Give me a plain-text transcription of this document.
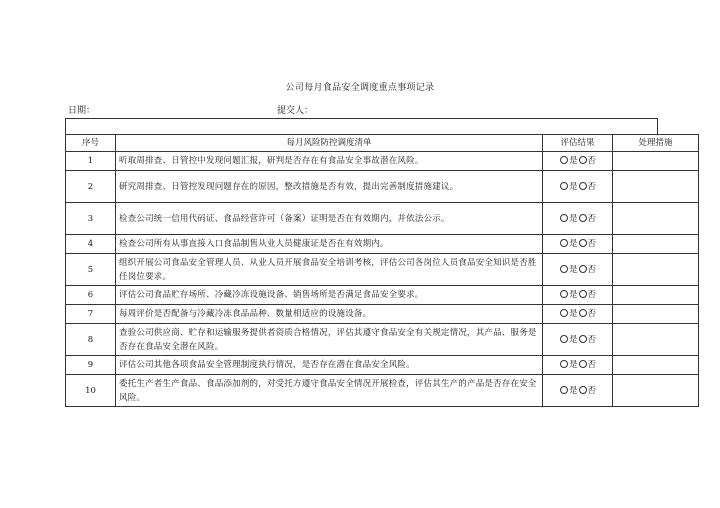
公司每月食品安全调度重点事项记录
日期：	提交人：
序号	每月风险防控调度清单	评估结果	处理措施
1	听取周排查、日管控中发现问题汇报，研判是否存在有食品安全事故潜在风险。	是 否	
2	研究周排查、日管控发现问题存在的原因，整改措施是否有效，提出完善制度措施建议。	是 否	
3	检查公司统一信用代码证、食品经营许可（备案）证明是否在有效期内，并依法公示。	是 否	
4	检查公司所有从事直接入口食品制售从业人员健康证是否在有效期内。	是 否	
5	组织开展公司食品安全管理人员、从业人员开展食品安全培训考核，评估公司各岗位人员食品安全知识是否胜任岗位要求。	是 否	
6	评估公司食品贮存场所、冷藏冷冻设施设备、销售场所是否满足食品安全要求。	是 否	
7	每周评价是否配备与冷藏冷冻食品品种、数量相适应的设施设备。	是 否	
8	查验公司供应商、贮存和运输服务提供者资质合格情况，评估其遵守食品安全有关规定情况，其产品、服务是否存在食品安全潜在风险。	是 否	
9	评估公司其他各项食品安全管理制度执行情况，是否存在潜在食品安全风险。	是 否	
10	委托生产者生产食品、食品添加剂的，对受托方遵守食品安全情况开展检查，评估其生产的产品是否存在安全风险。	是 否	
